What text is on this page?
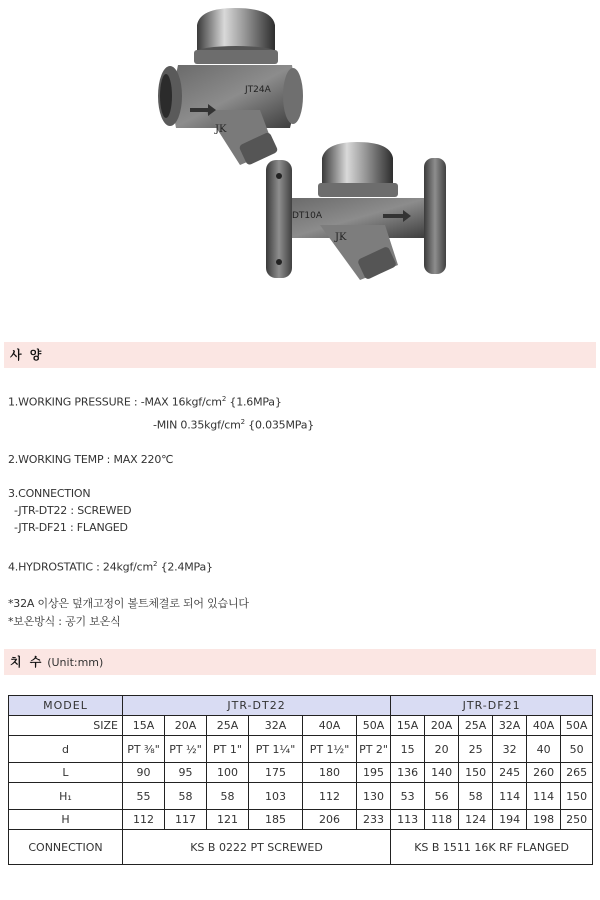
JT24A
JK
DT10A
JK
사 양
1.WORKING PRESSURE : -MAX $16kgf/cm^2$ {1.6MPa}
-MIN $0.35kgf/cm^2$ {0.035MPa}
2.WORKING TEMP : MAX 220℃
3.CONNECTION
-JTR-DT22 : SCREWED
-JTR-DF21 : FLANGED
4.HYDROSTATIC : $24kgf/cm^2$ {2.4MPa}
*32A 이상은 덮개고정이 볼트체결로 되어 있습니다
*보온방식 : 공기 보온식
치 수 (Unit:mm)
MODEL	JTR-DT22						JTR-DF21					
SIZE	15A	20A	25A	32A	40A	50A	15A	20A	25A	32A	40A	50A
d	PT ⅜"	PT ½"	PT 1"	PT 1¼"	PT 1½"	PT 2"	15	20	25	32	40	50
L	90	95	100	175	180	195	136	140	150	245	260	265
H₁	55	58	58	103	112	130	53	56	58	114	114	150
H	112	117	121	185	206	233	113	118	124	194	198	250
CONNECTION	KS B 0222 PT SCREWED						KS B 1511 16K RF FLANGED					
